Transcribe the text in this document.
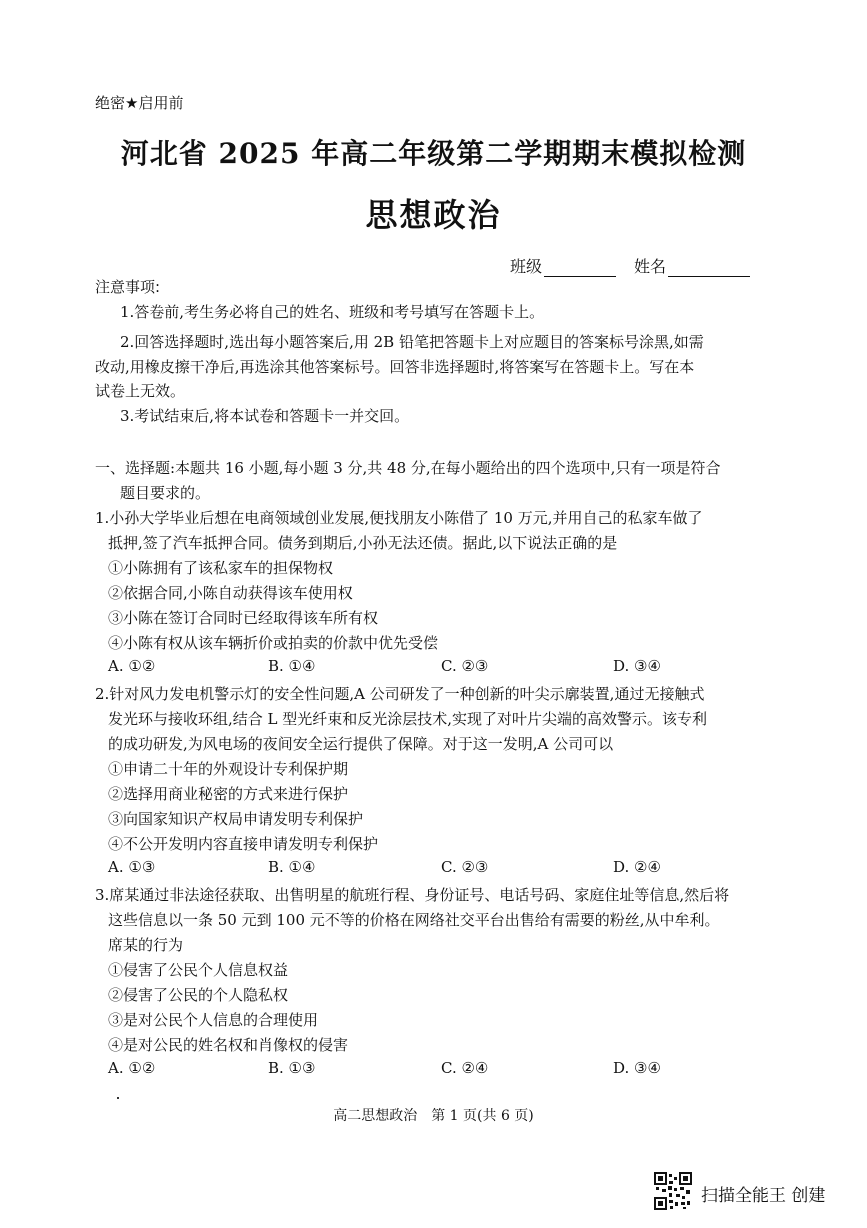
绝密★启用前
河北省 2025 年高二年级第二学期期末模拟检测
思想政治
班级	姓名
注意事项:
1.答卷前,考生务必将自己的姓名、班级和考号填写在答题卡上。
2.回答选择题时,选出每小题答案后,用 2B 铅笔把答题卡上对应题目的答案标号涂黑,如需
改动,用橡皮擦干净后,再选涂其他答案标号。回答非选择题时,将答案写在答题卡上。写在本
试卷上无效。
3.考试结束后,将本试卷和答题卡一并交回。
一、选择题:本题共 16 小题,每小题 3 分,共 48 分,在每小题给出的四个选项中,只有一项是符合
题目要求的。
1.小孙大学毕业后想在电商领域创业发展,便找朋友小陈借了 10 万元,并用自己的私家车做了
抵押,签了汽车抵押合同。债务到期后,小孙无法还债。据此,以下说法正确的是
①小陈拥有了该私家车的担保物权
②依据合同,小陈自动获得该车使用权
③小陈在签订合同时已经取得该车所有权
④小陈有权从该车辆折价或拍卖的价款中优先受偿
A. ①②	B. ①④	C. ②③	D. ③④
2.针对风力发电机警示灯的安全性问题,A 公司研发了一种创新的叶尖示廓装置,通过无接触式
发光环与接收环组,结合 L 型光纤束和反光涂层技术,实现了对叶片尖端的高效警示。该专利
的成功研发,为风电场的夜间安全运行提供了保障。对于这一发明,A 公司可以
①申请二十年的外观设计专利保护期
②选择用商业秘密的方式来进行保护
③向国家知识产权局申请发明专利保护
④不公开发明内容直接申请发明专利保护
A. ①③	B. ①④	C. ②③	D. ②④
3.席某通过非法途径获取、出售明星的航班行程、身份证号、电话号码、家庭住址等信息,然后将
这些信息以一条 50 元到 100 元不等的价格在网络社交平台出售给有需要的粉丝,从中牟利。
席某的行为
①侵害了公民个人信息权益
②侵害了公民的个人隐私权
③是对公民个人信息的合理使用
④是对公民的姓名权和肖像权的侵害
A. ①②	B. ①③	C. ②④	D. ③④
高二思想政治　第 1 页(共 6 页)
扫描全能王 创建
